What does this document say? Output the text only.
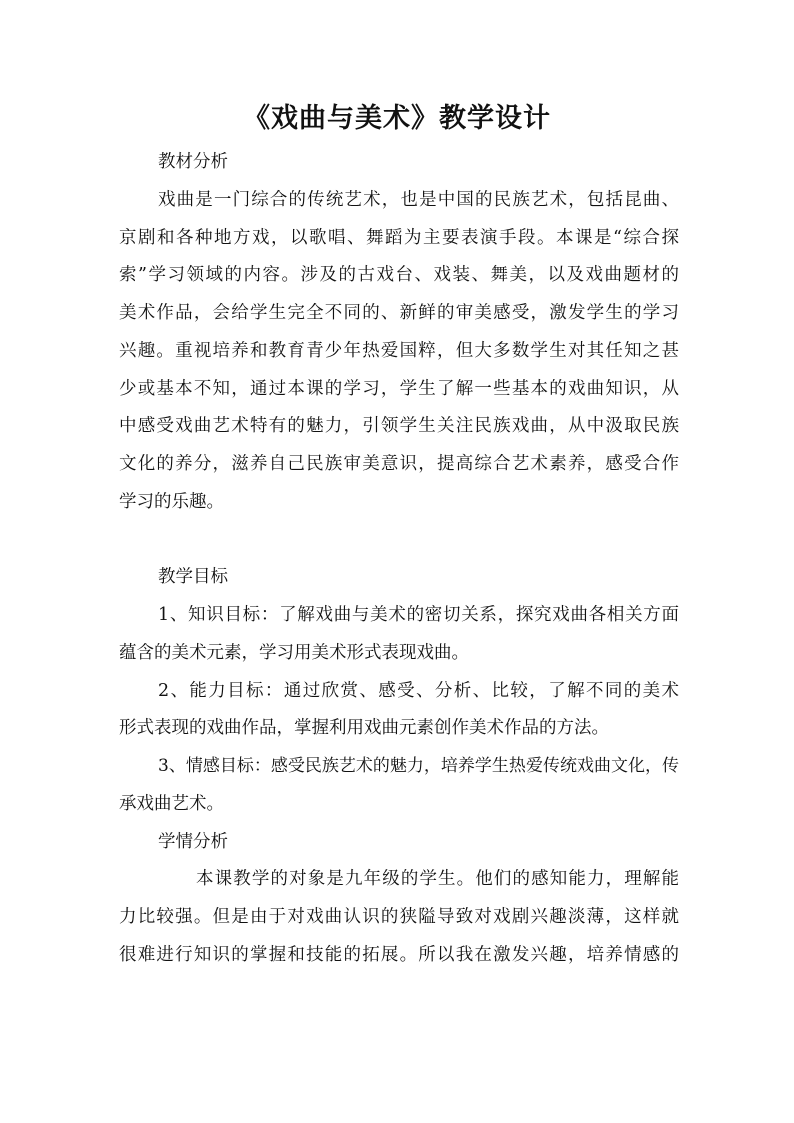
《戏曲与美术》教学设计

教材分析

戏曲是一门综合的传统艺术，也是中国的民族艺术，包括昆曲、

京剧和各种地方戏，以歌唱、舞蹈为主要表演手段。本课是“综合探

索”学习领域的内容。涉及的古戏台、戏装、舞美，以及戏曲题材的

美术作品，会给学生完全不同的、新鲜的审美感受，激发学生的学习

兴趣。重视培养和教育青少年热爱国粹，但大多数学生对其任知之甚

少或基本不知，通过本课的学习，学生了解一些基本的戏曲知识，从

中感受戏曲艺术特有的魅力，引领学生关注民族戏曲，从中汲取民族

文化的养分，滋养自己民族审美意识，提高综合艺术素养，感受合作

学习的乐趣。

教学目标

1、知识目标：了解戏曲与美术的密切关系，探究戏曲各相关方面

蕴含的美术元素，学习用美术形式表现戏曲。

2、能力目标：通过欣赏、感受、分析、比较，了解不同的美术

形式表现的戏曲作品，掌握利用戏曲元素创作美术作品的方法。

3、情感目标：感受民族艺术的魅力，培养学生热爱传统戏曲文化，传

承戏曲艺术。

学情分析

本课教学的对象是九年级的学生。他们的感知能力，理解能

力比较强。但是由于对戏曲认识的狭隘导致对戏剧兴趣淡薄，这样就

很难进行知识的掌握和技能的拓展。所以我在激发兴趣，培养情感的
